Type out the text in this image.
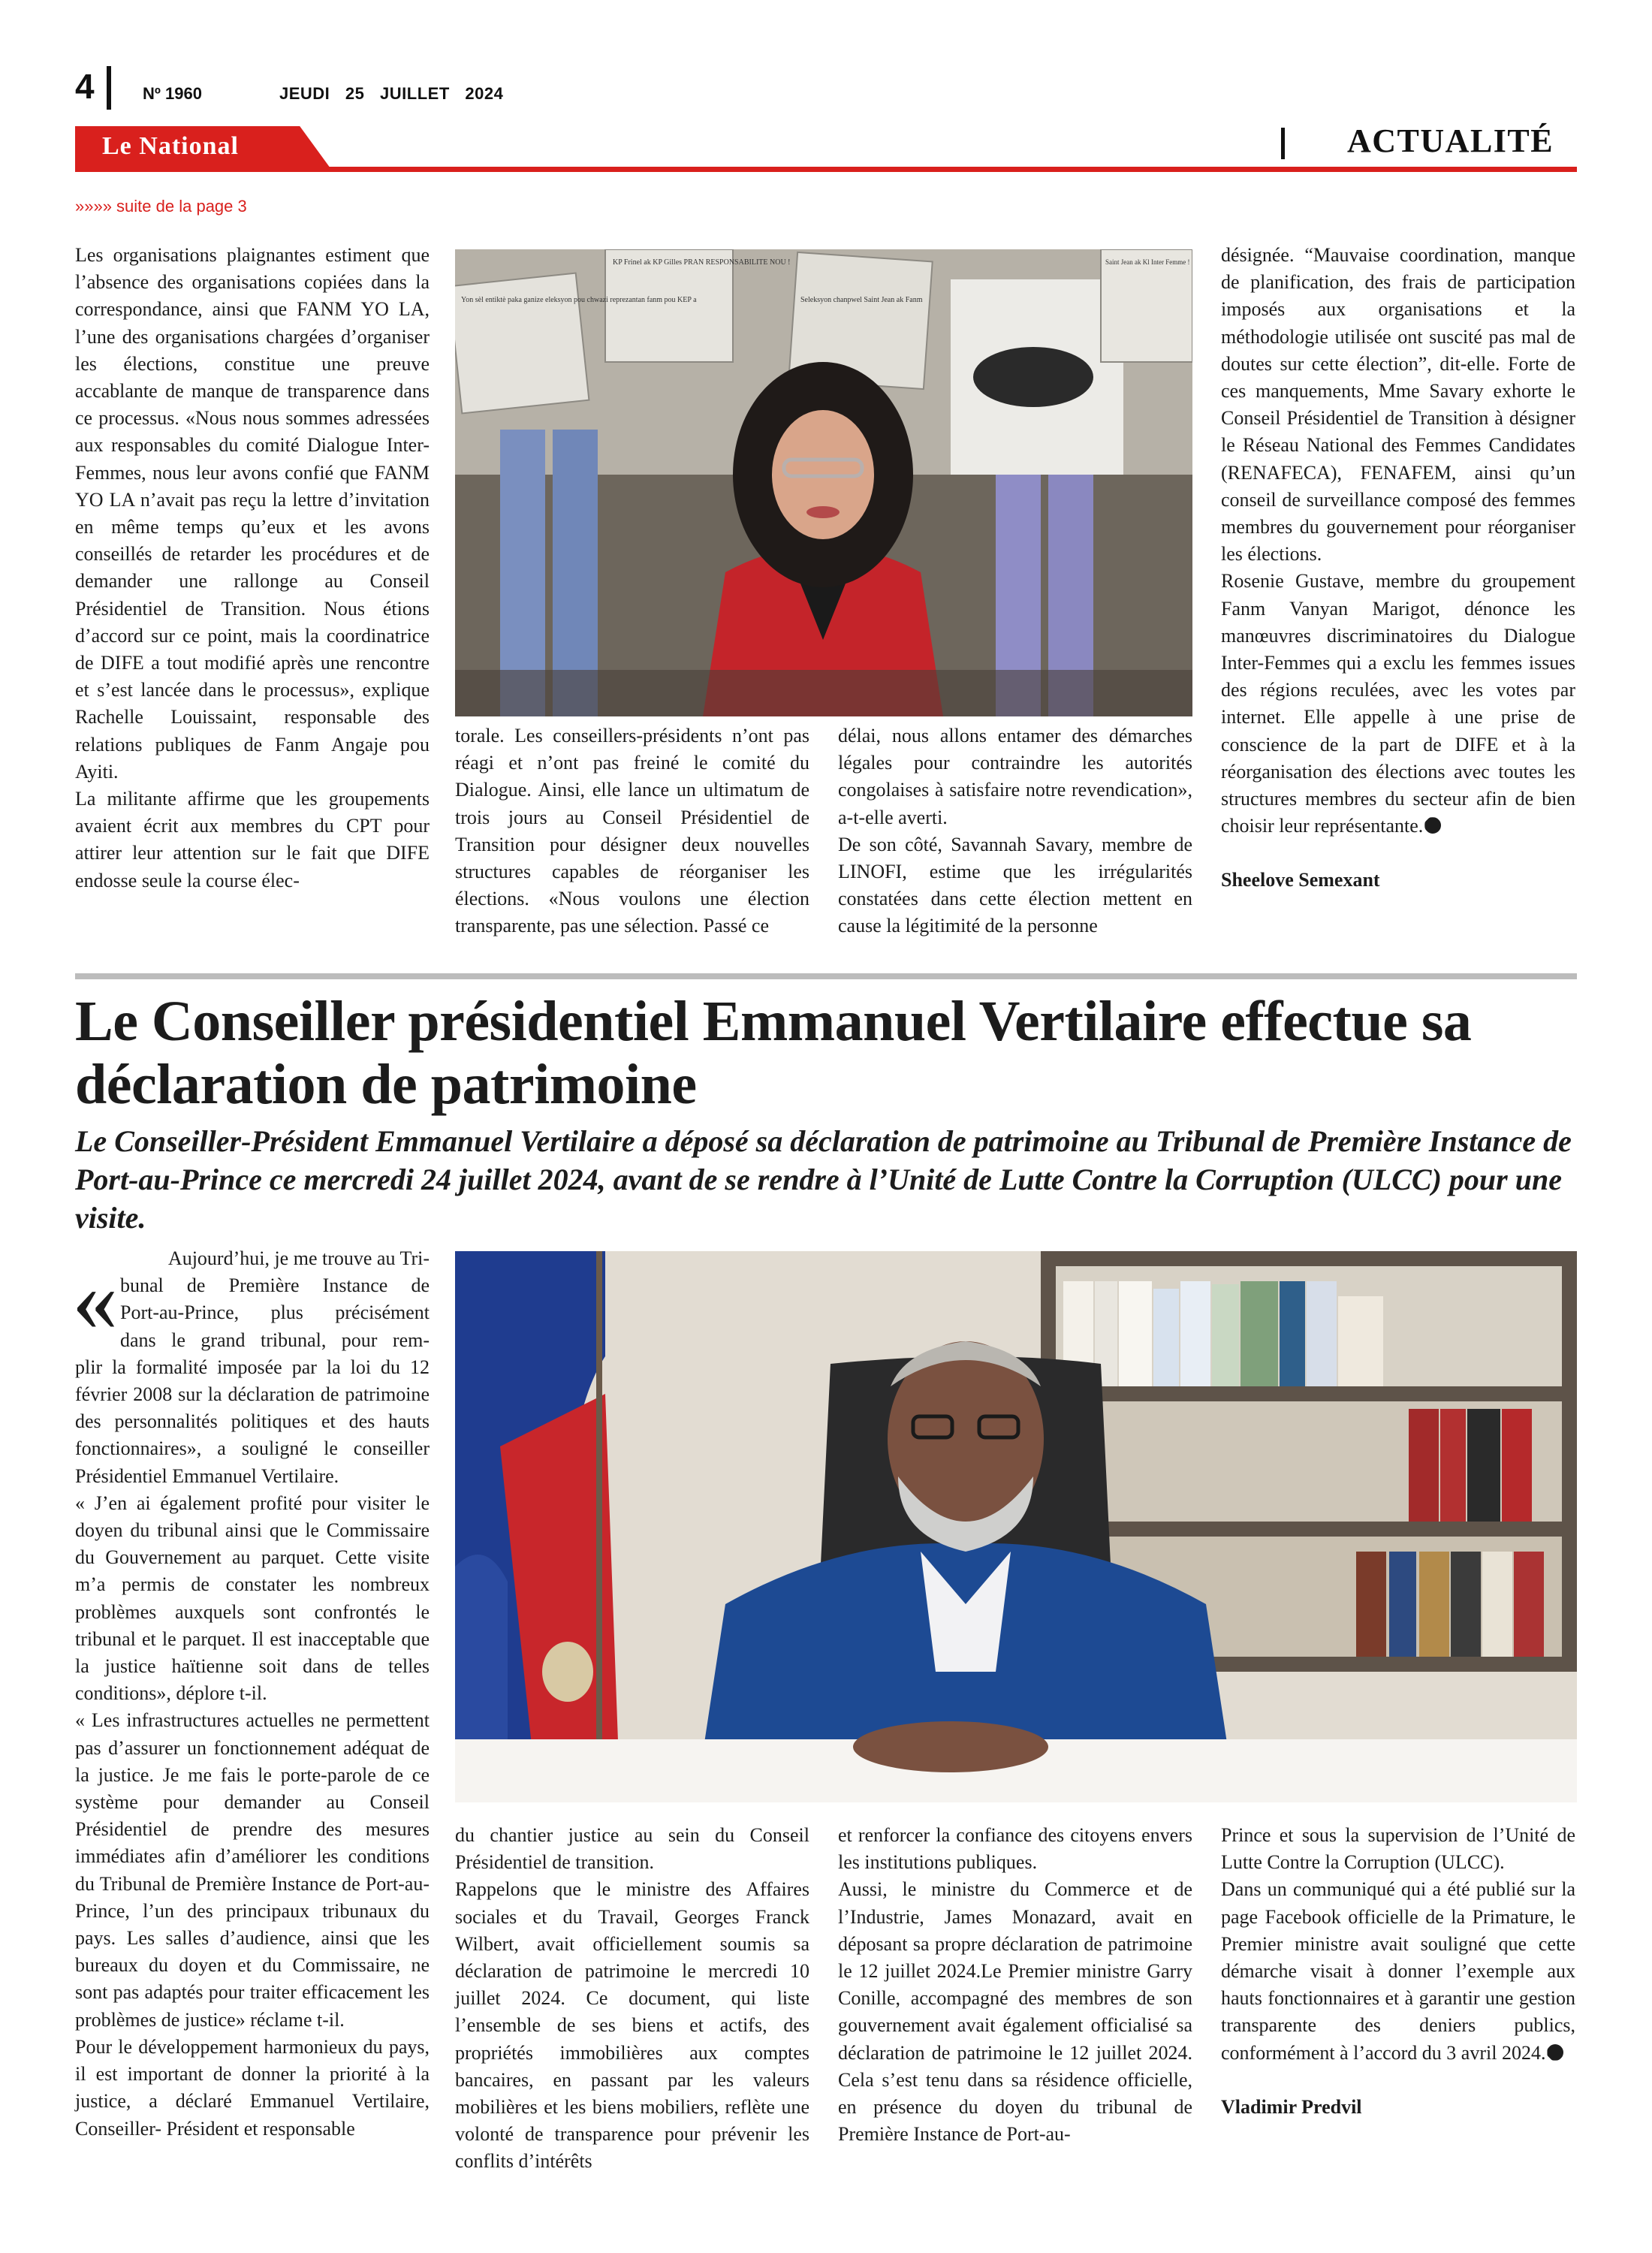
4	Nº 1960	JEUDI 25 JUILLET 2024
Le National	ACTUALITÉ
»»»» suite de la page 3

Les organisations plaignantes estiment que l’absence des organisations copiées dans la correspondance, ainsi que FANM YO LA, l’une des organisations chargées d’organiser les élections, constitue une preuve accablante de manque de transparence dans ce processus. «Nous nous sommes adressées aux responsables du comité Dialogue Inter-Femmes, nous leur avons confié que FANM YO LA n’avait pas reçu la lettre d’invitation en même temps qu’eux et les avons conseillés de retarder les procédures et de demander une rallonge au Conseil Présidentiel de Transition. Nous étions d’accord sur ce point, mais la coordinatrice de DIFE a tout modifié après une rencontre et s’est lancée dans le processus», explique Rachelle Louissaint, responsable des relations publiques de Fanm Angaje pou Ayiti.

La militante affirme que les groupements avaient écrit aux membres du CPT pour attirer leur attention sur le fait que DIFE endosse seule la course élec-

Yon sèl entiktè paka ganize eleksyon pou chwazi reprezantan fanm pou KEP a
KP Frinel ak KP Gilles PRAN RESPONSABILITE NOU !
Seleksyon chanpwel Saint Jean ak Fanm
Saint Jean ak Kl Inter Femme !

torale. Les conseillers-présidents n’ont pas réagi et n’ont pas freiné le comité du Dialogue. Ainsi, elle lance un ultimatum de trois jours au Conseil Présidentiel de Transition pour désigner deux nouvelles structures capables de réorganiser les élections. «Nous voulons une élection transparente, pas une sélection. Passé ce

délai, nous allons entamer des démarches légales pour contraindre les autorités congolaises à satisfaire notre revendication», a-t-elle averti.

De son côté, Savannah Savary, membre de LINOFI, estime que les irrégularités constatées dans cette élection mettent en cause la légitimité de la personne

désignée. “Mauvaise coordination, manque de planification, des frais de participation imposés aux organisations et la méthodologie utilisée ont suscité pas mal de doutes sur cette élection”, dit-elle. Forte de ces manquements, Mme Savary exhorte le Conseil Présidentiel de Transition à désigner le Réseau National des Femmes Candidates (RENAFECA), FENAFEM, ainsi qu’un conseil de surveillance composé des femmes membres du gouvernement pour réorganiser les élections.

Rosenie Gustave, membre du groupement Fanm Vanyan Marigot, dénonce les manœuvres discriminatoires du Dialogue Inter-Femmes qui a exclu les femmes issues des régions reculées, avec les votes par internet. Elle appelle à une prise de conscience de la part de DIFE et à la réorganisation des élections avec toutes les structures membres du secteur afin de bien choisir leur représentante.

Sheelove Semexant

Le Conseiller présidentiel Emmanuel Vertilaire effectue sa déclaration de patrimoine
Le Conseiller-Président Emmanuel Vertilaire a déposé sa déclaration de patrimoine au Tribunal de Première Instance de Port-au-Prince ce mercredi 24 juillet 2024, avant de se rendre à l’Unité de Lutte Contre la Corruption (ULCC) pour une visite.
«	Aujourd’hui, je me trouve au Tri-
bunal de Première Instance de
Port-au-Prince, plus précisément
dans le grand tribunal, pour rem-

plir la formalité imposée par la loi du 12 février 2008 sur la déclaration de patrimoine des personnalités politiques et des hauts fonctionnaires», a souligné le conseiller Présidentiel Emmanuel Vertilaire.

« J’en ai également profité pour visiter le doyen du tribunal ainsi que le Commissaire du Gouvernement au parquet. Cette visite m’a permis de constater les nombreux problèmes auxquels sont confrontés le tribunal et le parquet. Il est inacceptable que la justice haïtienne soit dans de telles conditions», déplore t-il.

« Les infrastructures actuelles ne permettent pas d’assurer un fonctionnement adéquat de la justice. Je me fais le porte-parole de ce système pour demander au Conseil Présidentiel de prendre des mesures immédiates afin d’améliorer les conditions du Tribunal de Première Instance de Port-au-Prince, l’un des principaux tribunaux du pays. Les salles d’audience, ainsi que les bureaux du doyen et du Commissaire, ne sont pas adaptés pour traiter efficacement les problèmes de justice» réclame t-il.

Pour le développement harmonieux du pays, il est important de donner la priorité à la justice, a déclaré Emmanuel Vertilaire, Conseiller- Président et responsable

du chantier justice au sein du Conseil Présidentiel de transition.

Rappelons que le ministre des Affaires sociales et du Travail, Georges Franck Wilbert, avait officiellement soumis sa déclaration de patrimoine le mercredi 10 juillet 2024. Ce document, qui liste l’ensemble de ses biens et actifs, des propriétés immobilières aux comptes bancaires, en passant par les valeurs mobilières et les biens mobiliers, reflète une volonté de transparence pour prévenir les conflits d’intérêts

et renforcer la confiance des citoyens envers les institutions publiques.

Aussi, le ministre du Commerce et de l’Industrie, James Monazard, avait en déposant sa propre déclaration de patrimoine le 12 juillet 2024.Le Premier ministre Garry Conille, accompagné des membres de son gouvernement avait également officialisé sa déclaration de patrimoine le 12 juillet 2024. Cela s’est tenu dans sa résidence officielle, en présence du doyen du tribunal de Première Instance de Port-au-

Prince et sous la supervision de l’Unité de Lutte Contre la Corruption (ULCC).

Dans un communiqué qui a été publié sur la page Facebook officielle de la Primature, le Premier ministre avait souligné que cette démarche visait à donner l’exemple aux hauts fonctionnaires et à garantir une gestion transparente des deniers publics, conformément à l’accord du 3 avril 2024.

Vladimir Predvil
